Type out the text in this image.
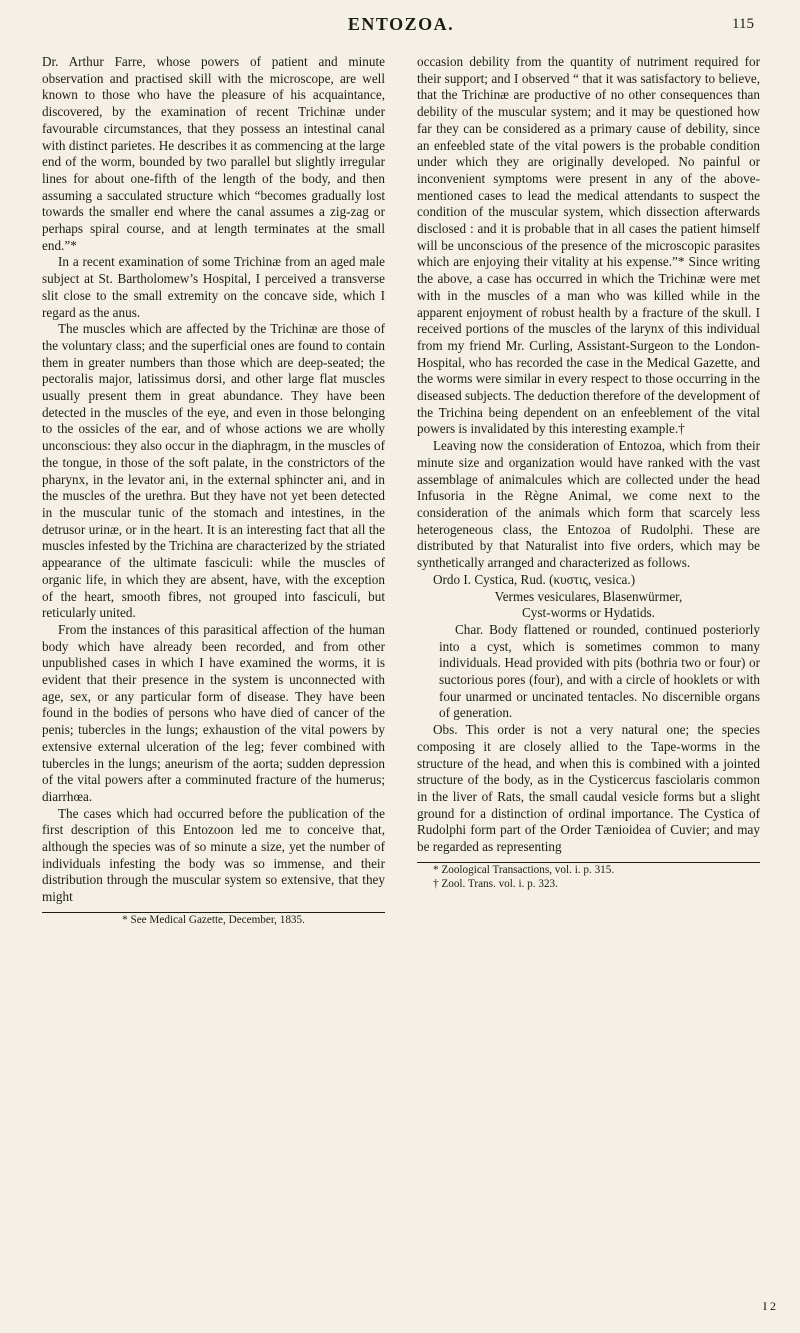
ENTOZOA.	115

Dr. Arthur Farre, whose powers of patient and minute observation and practised skill with the microscope, are well known to those who have the pleasure of his acquaintance, discovered, by the examination of recent Trichinæ under favourable circumstances, that they possess an intestinal canal with distinct parietes. He describes it as commencing at the large end of the worm, bounded by two parallel but slightly irregular lines for about one-fifth of the length of the body, and then assuming a sacculated structure which “becomes gradually lost towards the smaller end where the canal assumes a zig-zag or perhaps spiral course, and at length terminates at the small end.”*

In a recent examination of some Trichinæ from an aged male subject at St. Bartholomew’s Hospital, I perceived a transverse slit close to the small extremity on the concave side, which I regard as the anus.

The muscles which are affected by the Trichinæ are those of the voluntary class; and the superficial ones are found to contain them in greater numbers than those which are deep-seated; the pectoralis major, latissimus dorsi, and other large flat muscles usually present them in great abundance. They have been detected in the muscles of the eye, and even in those belonging to the ossicles of the ear, and of whose actions we are wholly unconscious: they also occur in the diaphragm, in the muscles of the tongue, in those of the soft palate, in the constrictors of the pharynx, in the levator ani, in the external sphincter ani, and in the muscles of the urethra. But they have not yet been detected in the muscular tunic of the stomach and intestines, in the detrusor urinæ, or in the heart. It is an interesting fact that all the muscles infested by the Trichina are characterized by the striated appearance of the ultimate fasciculi: while the muscles of organic life, in which they are absent, have, with the exception of the heart, smooth fibres, not grouped into fasciculi, but reticularly united.

From the instances of this parasitical affection of the human body which have already been recorded, and from other unpublished cases in which I have examined the worms, it is evident that their presence in the system is unconnected with age, sex, or any particular form of disease. They have been found in the bodies of persons who have died of cancer of the penis; tubercles in the lungs; exhaustion of the vital powers by extensive external ulceration of the leg; fever combined with tubercles in the lungs; aneurism of the aorta; sudden depression of the vital powers after a comminuted fracture of the humerus; diarrhœa.

The cases which had occurred before the publication of the first description of this Entozoon led me to conceive that, although the species was of so minute a size, yet the number of individuals infesting the body was so immense, and their distribution through the muscular system so extensive, that they might

* See Medical Gazette, December, 1835.

occasion debility from the quantity of nutriment required for their support; and I observed “ that it was satisfactory to believe, that the Trichinæ are productive of no other consequences than debility of the muscular system; and it may be questioned how far they can be considered as a primary cause of debility, since an enfeebled state of the vital powers is the probable condition under which they are originally developed. No painful or inconvenient symptoms were present in any of the above-mentioned cases to lead the medical attendants to suspect the condition of the muscular system, which dissection afterwards disclosed : and it is probable that in all cases the patient himself will be unconscious of the presence of the microscopic parasites which are enjoying their vitality at his expense.”* Since writing the above, a case has occurred in which the Trichinæ were met with in the muscles of a man who was killed while in the apparent enjoyment of robust health by a fracture of the skull. I received portions of the muscles of the larynx of this individual from my friend Mr. Curling, Assistant-Surgeon to the London-Hospital, who has recorded the case in the Medical Gazette, and the worms were similar in every respect to those occurring in the diseased subjects. The deduction therefore of the development of the Trichina being dependent on an enfeeblement of the vital powers is invalidated by this interesting example.†

Leaving now the consideration of Entozoa, which from their minute size and organization would have ranked with the vast assemblage of animalcules which are collected under the head Infusoria in the Règne Animal, we come next to the consideration of the animals which form that scarcely less heterogeneous class, the Entozoa of Rudolphi. These are distributed by that Naturalist into five orders, which may be synthetically arranged and characterized as follows.

Ordo I. Cystica, Rud. (κυστις, vesica.)

Vermes vesiculares, Blasenwürmer,

Cyst-worms or Hydatids.

Char. Body flattened or rounded, continued posteriorly into a cyst, which is sometimes common to many individuals. Head provided with pits (bothria two or four) or suctorious pores (four), and with a circle of hooklets or with four unarmed or uncinated tentacles. No discernible organs of generation.

Obs. This order is not a very natural one; the species composing it are closely allied to the Tape-worms in the structure of the head, and when this is combined with a jointed structure of the body, as in the Cysticercus fasciolaris common in the liver of Rats, the small caudal vesicle forms but a slight ground for a distinction of ordinal importance. The Cystica of Rudolphi form part of the Order Tænioidea of Cuvier; and may be regarded as representing

* Zoological Transactions, vol. i. p. 315.

† Zool. Trans. vol. i. p. 323.

I 2
